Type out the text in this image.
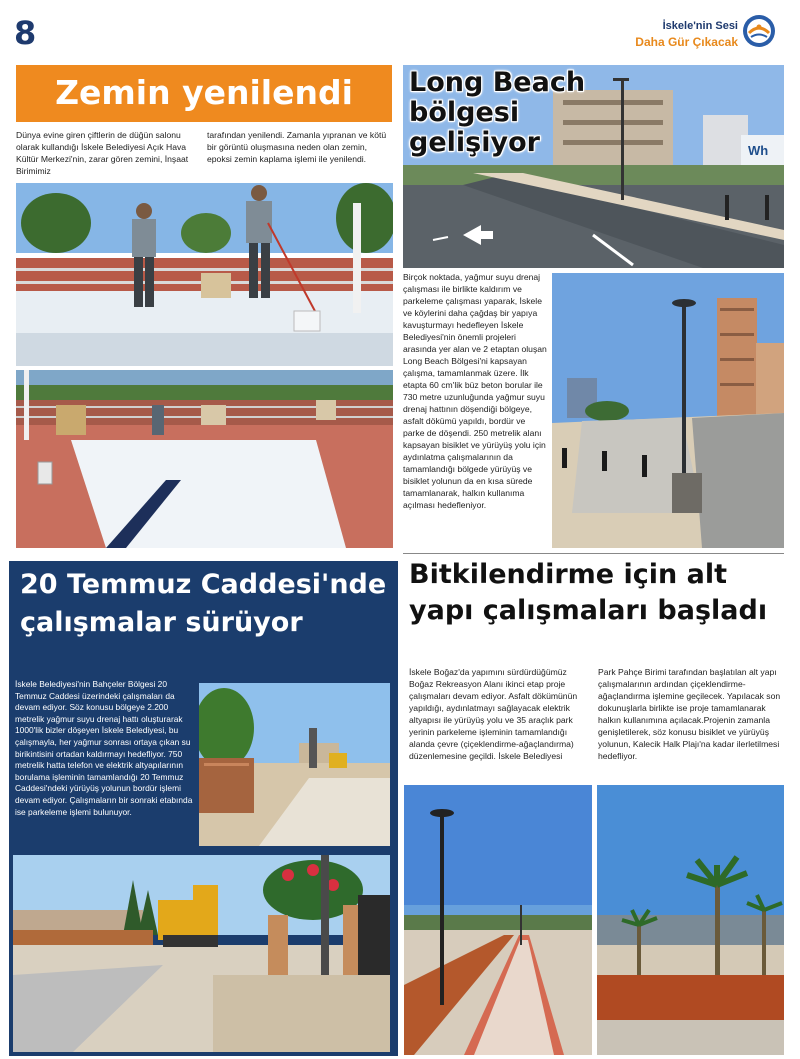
8	İskele'nin Sesi
Daha Gür Çıkacak
Zemin yenilendi
Dünya evine giren çiftlerin de düğün salonu olarak kullandığı İskele Belediyesi Açık Hava Kültür Merkezi'nin, zarar gören zemini, İnşaat Birimimiz
tarafından yenilendi. Zamanla yıpranan ve kötü bir görüntü oluşmasına neden olan zemin, epoksi zemin kaplama işlemi ile yenilendi.
Wh
Long Beach bölgesi gelişiyor
Birçok noktada, yağmur suyu drenaj çalışması ile birlikte kaldırım ve parkeleme çalışması yaparak, İskele ve köylerini daha çağdaş bir yapıya kavuşturmayı hedefleyen İskele Belediyesi'nin önemli projeleri arasında yer alan ve 2 etaptan oluşan Long Beach Bölgesi'ni kapsayan çalışma, tamamlanmak üzere. İlk etapta 60 cm'lik büz beton borular ile 730 metre uzunluğunda yağmur suyu drenaj hattının döşendiği bölgeye, asfalt dökümü yapıldı, bordür ve parke de döşendi. 250 metrelik alanı kapsayan bisiklet ve yürüyüş yolu için aydınlatma çalışmalarının da tamamlandığı bölgede yürüyüş ve bisiklet yolunun da en kısa sürede tamamlanarak, halkın kullanıma açılması hedefleniyor.
20 Temmuz Caddesi'nde çalışmalar sürüyor
İskele Belediyesi'nin Bahçeler Bölgesi 20 Temmuz Caddesi üzerindeki çalışmaları da devam ediyor. Söz konusu bölgeye 2.200 metrelik yağmur suyu drenaj hattı oluşturarak 1000'lik bizler döşeyen İskele Belediyesi, bu çalışmayla, her yağmur sonrası ortaya çıkan su birikintisini ortadan kaldırmayı hedefliyor. 750 metrelik hatta telefon ve elektrik altyapılarının borulama işleminin tamamlandığı 20 Temmuz Caddesi'ndeki yürüyüş yolunun bordür işlemi devam ediyor. Çalışmaların bir sonraki etabında ise parkeleme işlemi bulunuyor.
Bitkilendirme için alt yapı çalışmaları başladı
İskele Boğaz'da yapımını sürdürdüğümüz Boğaz Rekreasyon Alanı ikinci etap proje çalışmaları devam ediyor. Asfalt dökümünün yapıldığı, aydınlatmayı sağlayacak elektrik altyapısı ile yürüyüş yolu ve 35 araçlık park yerinin parkeleme işleminin tamamlandığı alanda çevre (çiçeklendirme-ağaçlandırma) düzenlemesine geçildi. İskele Belediyesi
Park Pahçe Birimi tarafından başlatılan alt yapı çalışmalarının ardından çiçeklendirme-ağaçlandırma işlemine geçilecek. Yapılacak son dokunuşlarla birlikte ise proje tamamlanarak halkın kullanımına açılacak.Projenin zamanla genişletilerek, söz konusu bisiklet ve yürüyüş yolunun, Kalecik Halk Plajı'na kadar ilerletilmesi hedefliyor.
